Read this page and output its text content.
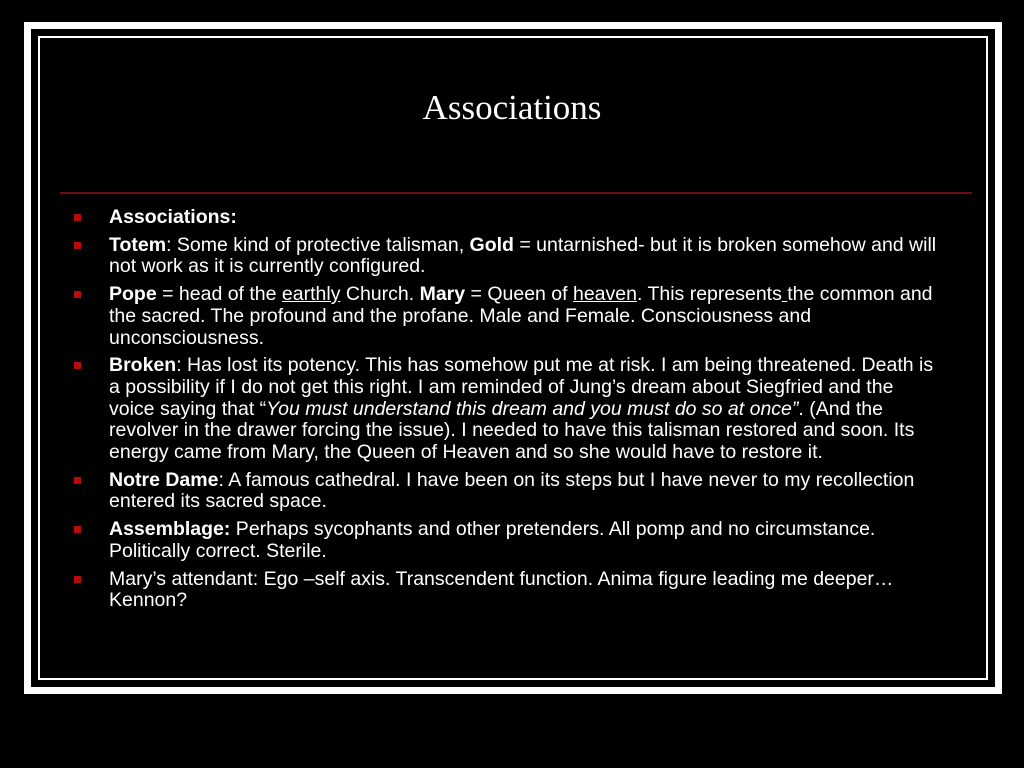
Associations
Associations:
Totem: Some kind of protective talisman, Gold = untarnished- but it is broken somehow and will not work as it is currently configured.
Pope = head of the earthly Church. Mary = Queen of heaven. This represents the common and the sacred. The profound and the profane. Male and Female. Consciousness and unconsciousness.
Broken: Has lost its potency. This has somehow put me at risk. I am being threatened. Death is a possibility if I do not get this right. I am reminded of Jung’s dream about Siegfried and the voice saying that “You must understand this dream and you must do so at once”. (And the revolver in the drawer forcing the issue). I needed to have this talisman restored and soon. Its energy came from Mary, the Queen of Heaven and so she would have to restore it.
Notre Dame: A famous cathedral. I have been on its steps but I have never to my recollection entered its sacred space.
Assemblage: Perhaps sycophants and other pretenders. All pomp and no circumstance. Politically correct. Sterile.
Mary’s attendant: Ego –self axis. Transcendent function. Anima figure leading me deeper… Kennon?
